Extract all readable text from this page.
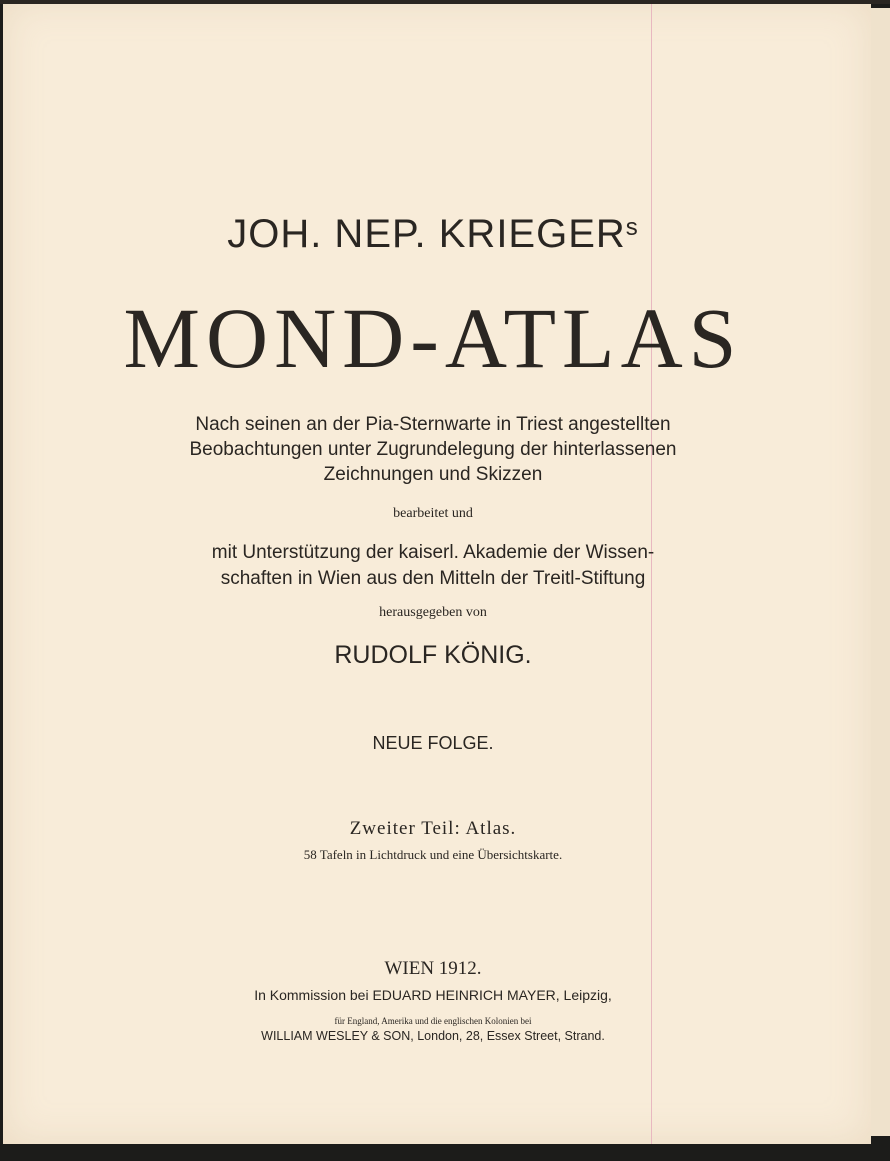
JOH. NEP. KRIEGER$^s$
MOND-ATLAS
Nach seinen an der Pia-Sternwarte in Triest angestellten
Beobachtungen unter Zugrundelegung der hinterlassenen
Zeichnungen und Skizzen
bearbeitet und
mit Unterstützung der kaiserl. Akademie der Wissen-
schaften in Wien aus den Mitteln der Treitl-Stiftung
herausgegeben von
RUDOLF KÖNIG.
NEUE FOLGE.
Zweiter Teil: Atlas.
58 Tafeln in Lichtdruck und eine Übersichtskarte.
WIEN 1912.
In Kommission bei EDUARD HEINRICH MAYER, Leipzig,
für England, Amerika und die englischen Kolonien bei
WILLIAM WESLEY & SON, London, 28, Essex Street, Strand.
